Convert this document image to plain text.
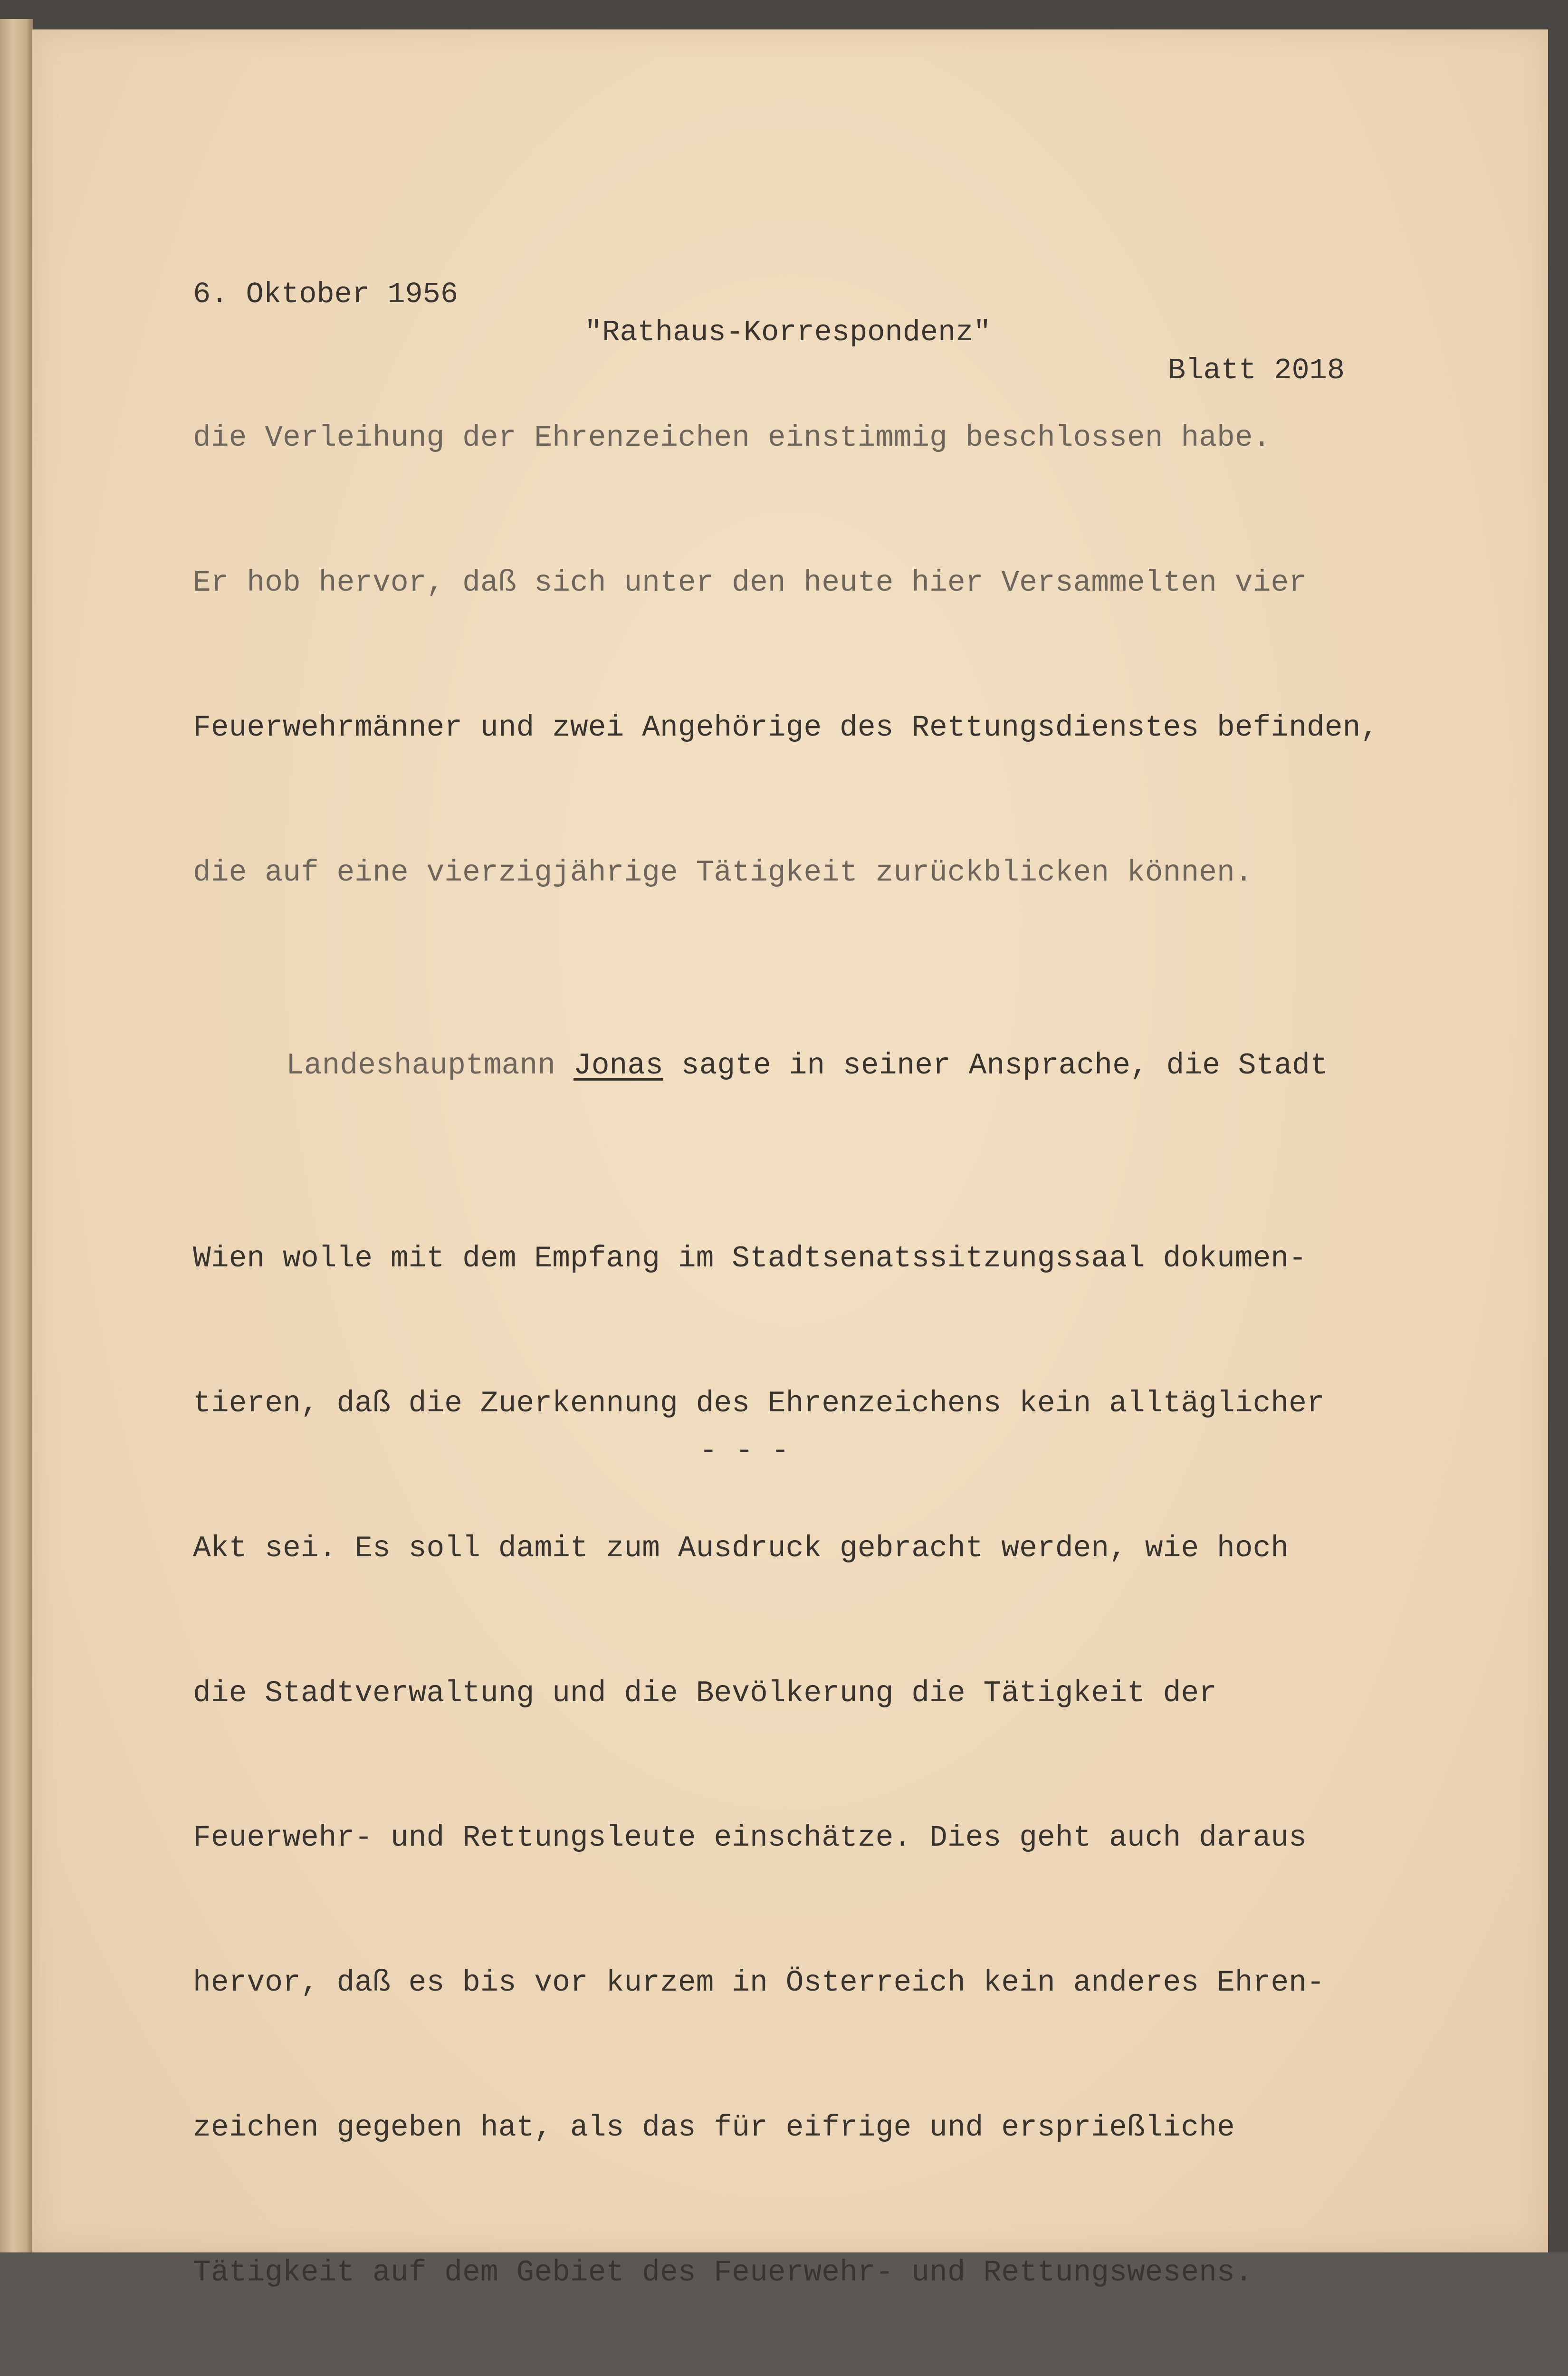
6. Oktober 1956

"Rathaus-Korrespondenz"

Blatt 2018

die Verleihung der Ehrenzeichen einstimmig beschlossen habe.

Er hob hervor, daß sich unter den heute hier Versammelten vier

Feuerwehrmänner und zwei Angehörige des Rettungsdienstes befinden,

die auf eine vierzigjährige Tätigkeit zurückblicken können.

Landeshauptmann Jonas sagte in seiner Ansprache, die Stadt

Wien wolle mit dem Empfang im Stadtsenatssitzungssaal dokumen-

tieren, daß die Zuerkennung des Ehrenzeichens kein alltäglicher

Akt sei. Es soll damit zum Ausdruck gebracht werden, wie hoch

die Stadtverwaltung und die Bevölkerung die Tätigkeit der

Feuerwehr- und Rettungsleute einschätze. Dies geht auch daraus

hervor, daß es bis vor kurzem in Österreich kein anderes Ehren-

zeichen gegeben hat, als das für eifrige und ersprießliche

Tätigkeit auf dem Gebiet des Feuerwehr- und Rettungswesens.

- - -
